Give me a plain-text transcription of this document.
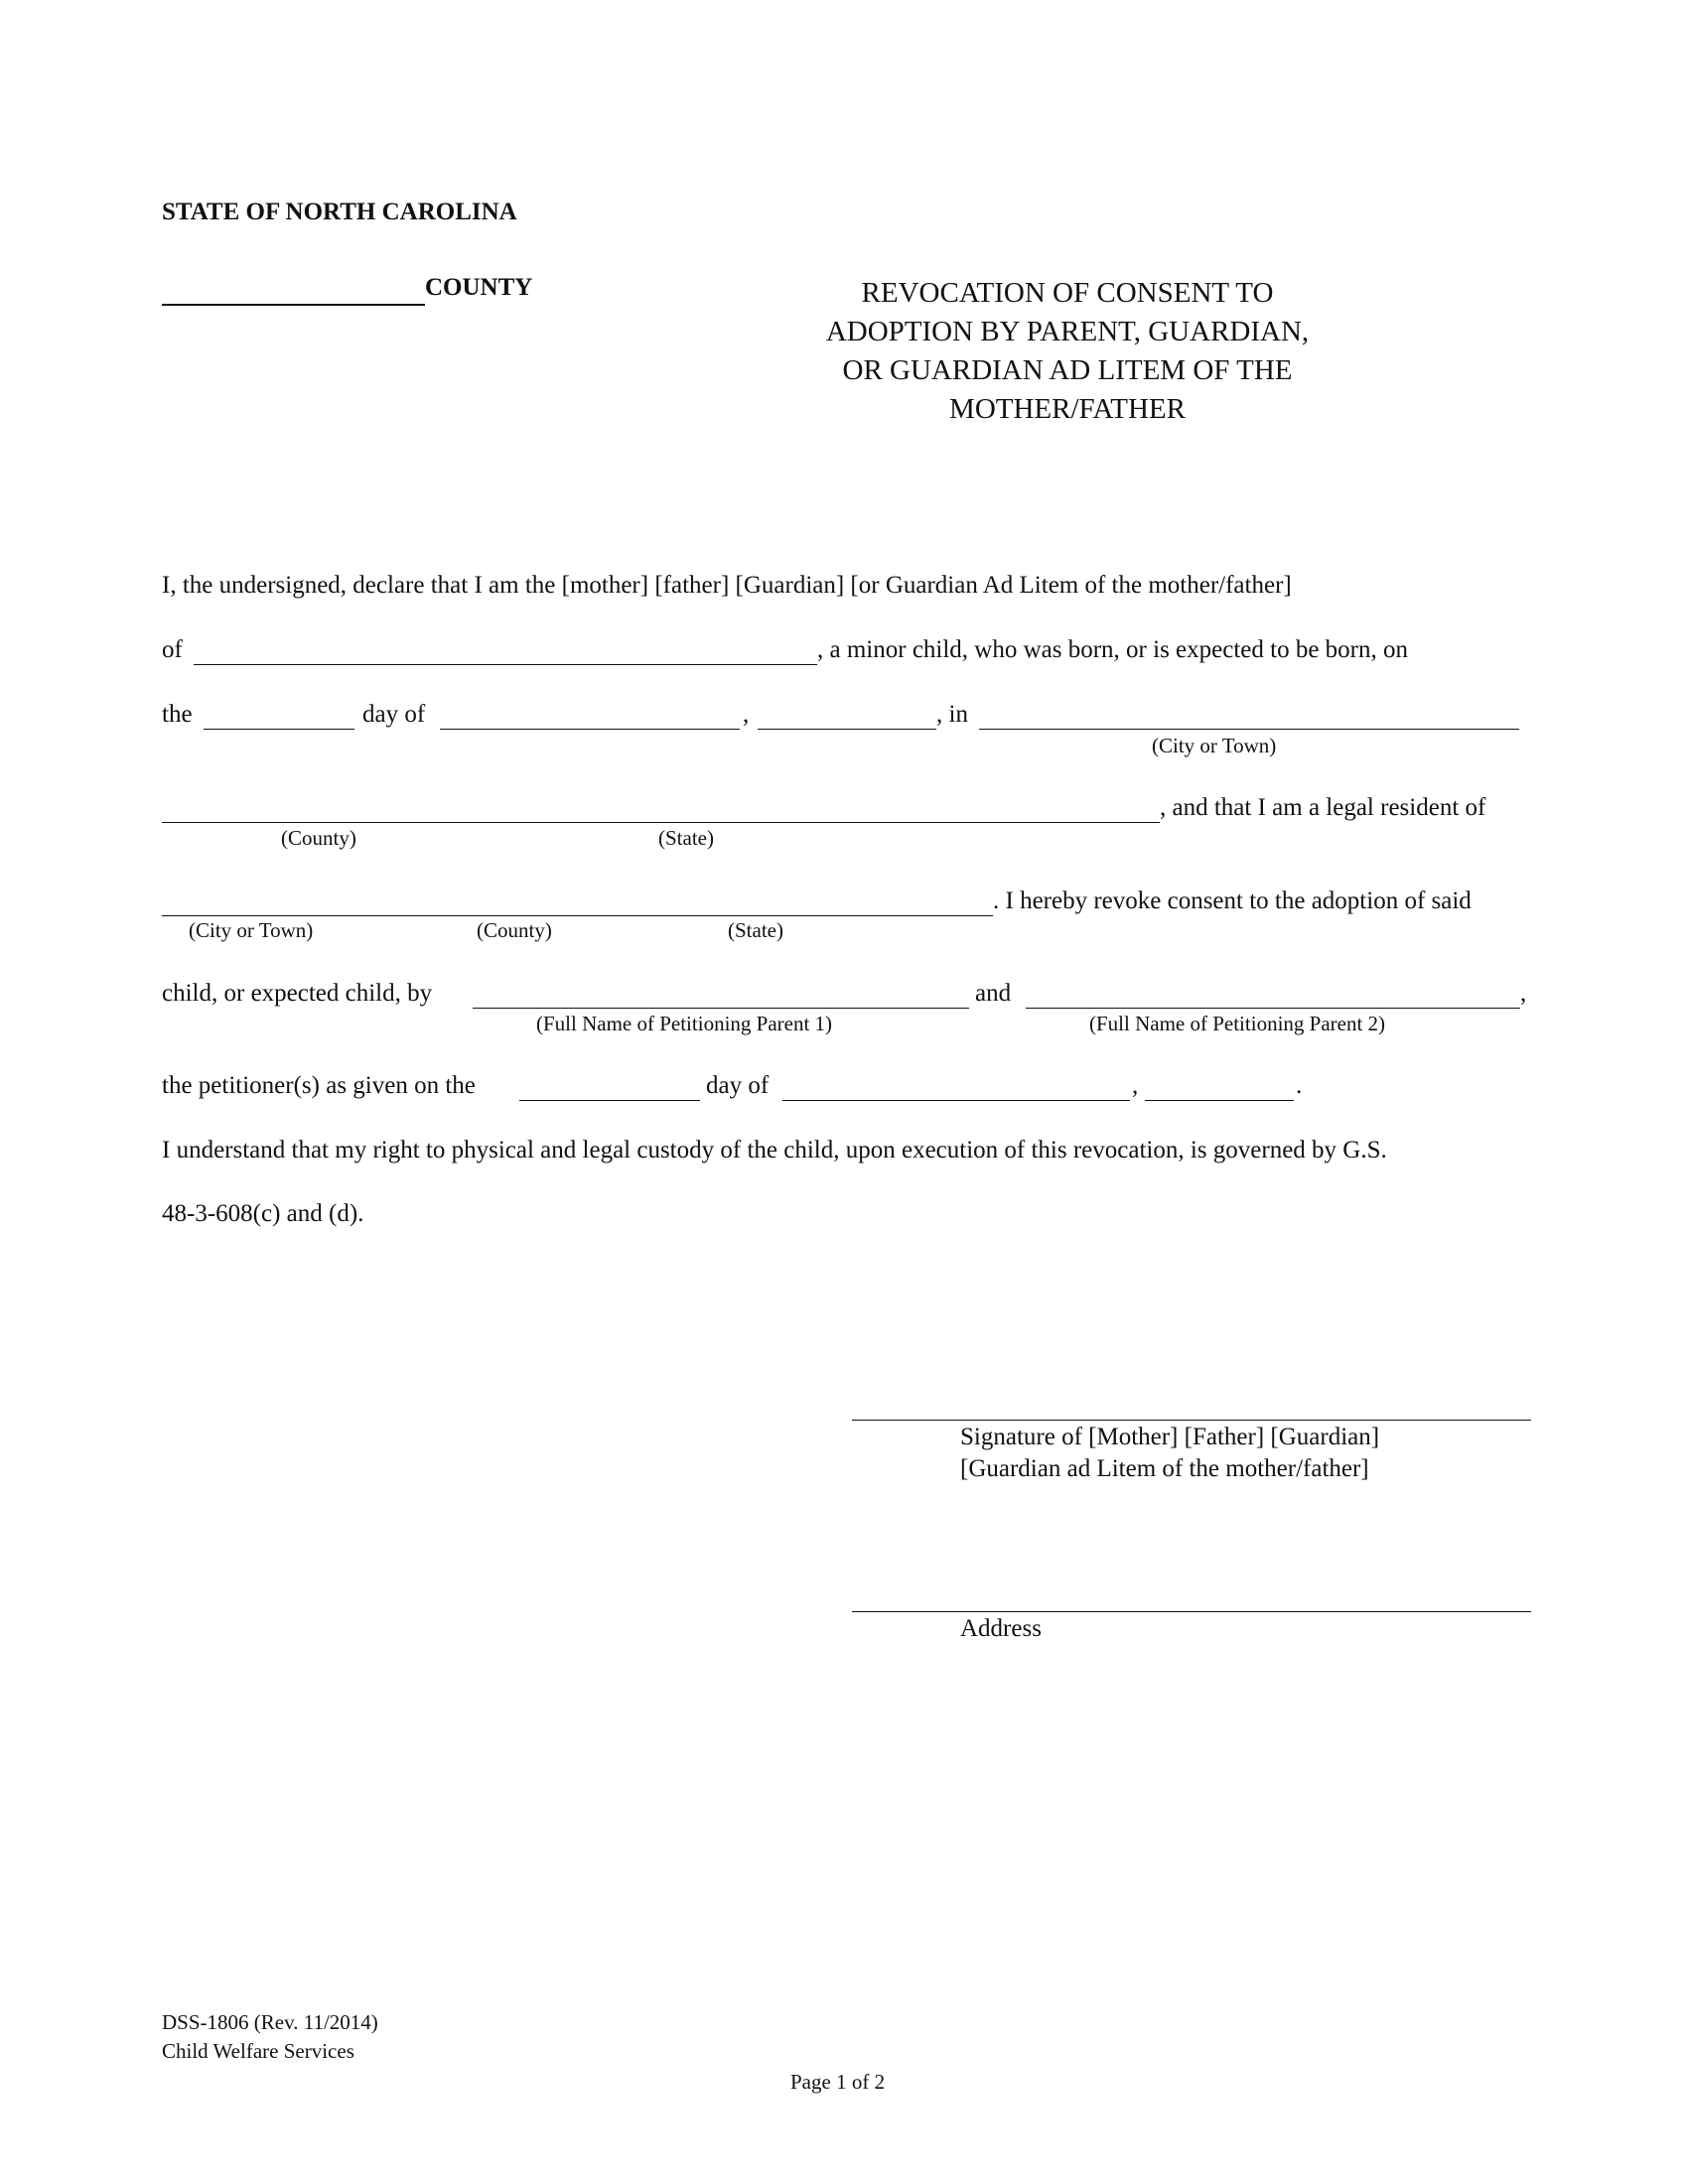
STATE OF NORTH CAROLINA
COUNTY	REVOCATION OF CONSENT TO
ADOPTION BY PARENT, GUARDIAN,
OR GUARDIAN AD LITEM OF THE
MOTHER/FATHER
I, the undersigned, declare that I am the [mother] [father] [Guardian] [or Guardian Ad Litem of the mother/father]
of	, a minor child, who was born, or is expected to be born, on
the	day of	,	, in
(City or Town)
, and that I am a legal resident of
(County)	(State)
. I hereby revoke consent to the adoption of said
(City or Town)	(County)	(State)
child, or expected child, by	and	,
(Full Name of Petitioning Parent 1)	(Full Name of Petitioning Parent 2)
the petitioner(s) as given on the	day of	,	.
I understand that my right to physical and legal custody of the child, upon execution of this revocation, is governed by G.S.
48-3-608(c) and (d).
Signature of [Mother] [Father] [Guardian]
[Guardian ad Litem of the mother/father]
Address
DSS-1806 (Rev. 11/2014)
Child Welfare Services
Page 1 of 2
